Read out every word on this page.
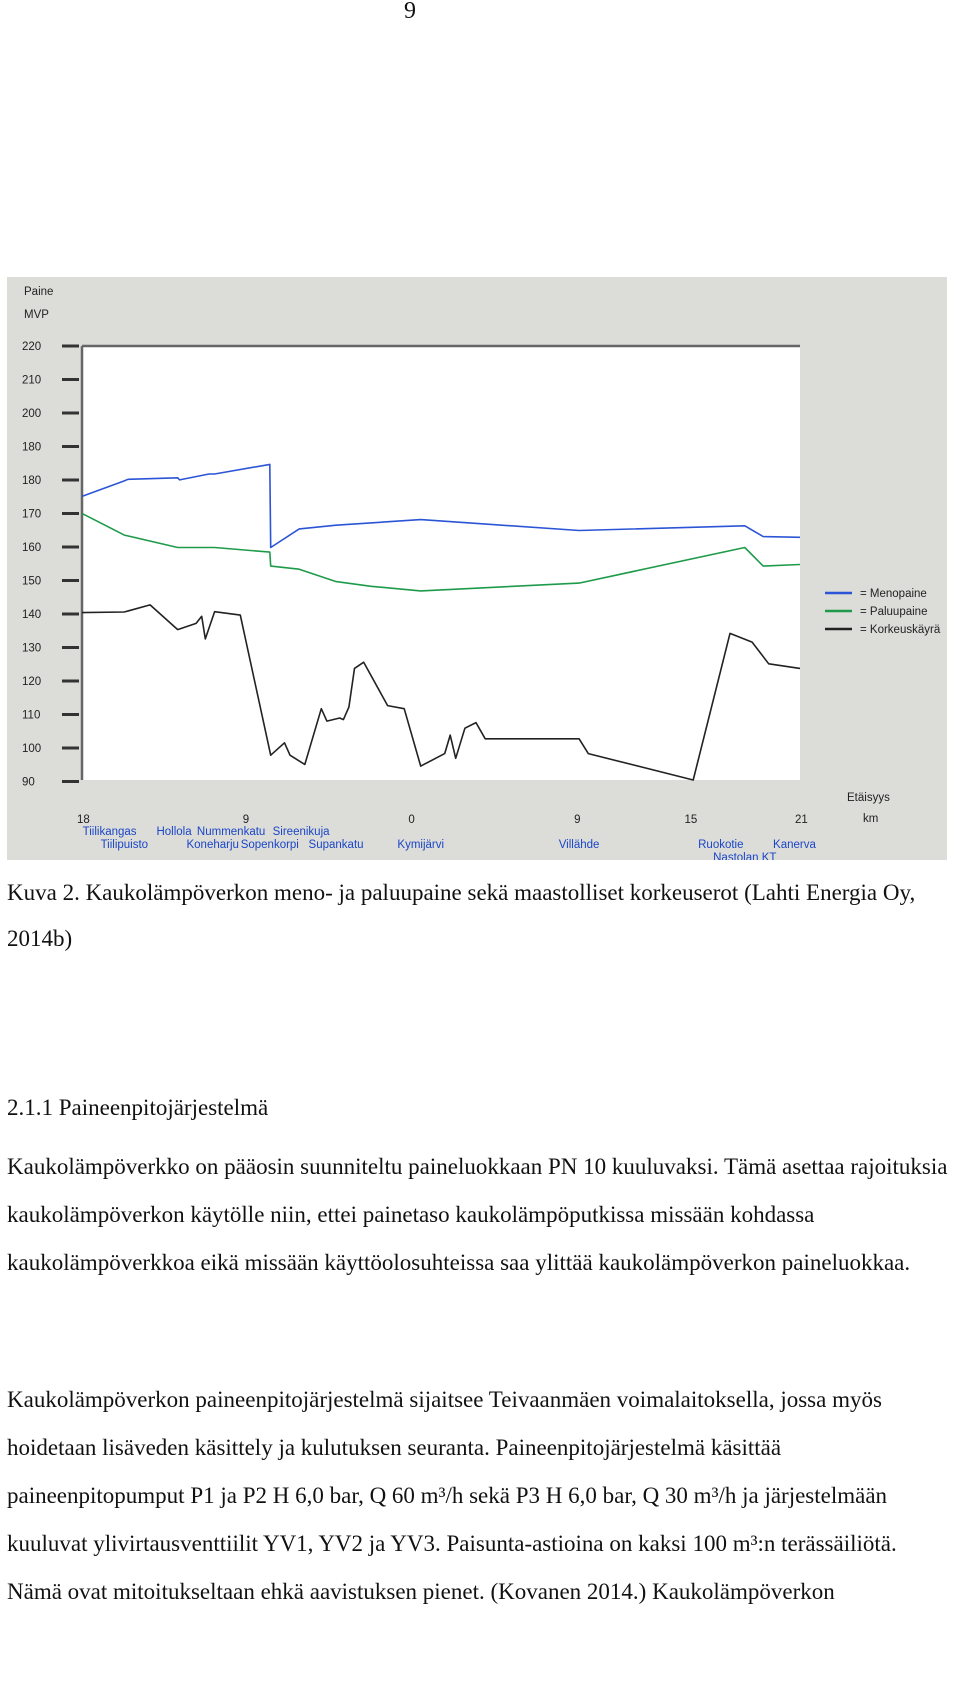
9
Paine
MVP
220
210
200
180
180
170
160
150
140
130
120
110
100
90
18	9	0	9	15	21
Etäisyys
km
Tiilikangas
Tiilipuisto
Hollola
Koneharju
Nummenkatu
Sopenkorpi
Sireenikuja
Supankatu	Kymijärvi	Villähde	Ruokotie
Nastolan KT
Kanerva
= Menopaine
= Paluupaine
= Korkeuskäyrä
Kuva 2. Kaukolämpöverkon meno- ja paluupaine sekä maastolliset korkeuserot (Lahti Energia Oy, 2014b)
2.1.1 Paineenpitojärjestelmä

Kaukolämpöverkko on pääosin suunniteltu paineluokkaan PN 10 kuuluvaksi. Tämä asettaa rajoituksia kaukolämpöverkon käytölle niin, ettei painetaso kaukolämpöputkissa missään kohdassa kaukolämpöverkkoa eikä missään käyttöolosuhteissa saa ylittää kaukolämpöverkon paineluokkaa.

Kaukolämpöverkon paineenpitojärjestelmä sijaitsee Teivaanmäen voimalaitoksella, jossa myös hoidetaan lisäveden käsittely ja kulutuksen seuranta. Paineenpitojärjestelmä käsittää paineenpitopumput P1 ja P2 H 6,0 bar, Q 60 m³/h sekä P3 H 6,0 bar, Q 30 m³/h ja järjestelmään kuuluvat ylivirtausventtiilit YV1, YV2 ja YV3. Paisunta-astioina on kaksi 100 m³:n terässäiliötä. Nämä ovat mitoitukseltaan ehkä aavistuksen pienet. (Kovanen 2014.) Kaukolämpöverkon
